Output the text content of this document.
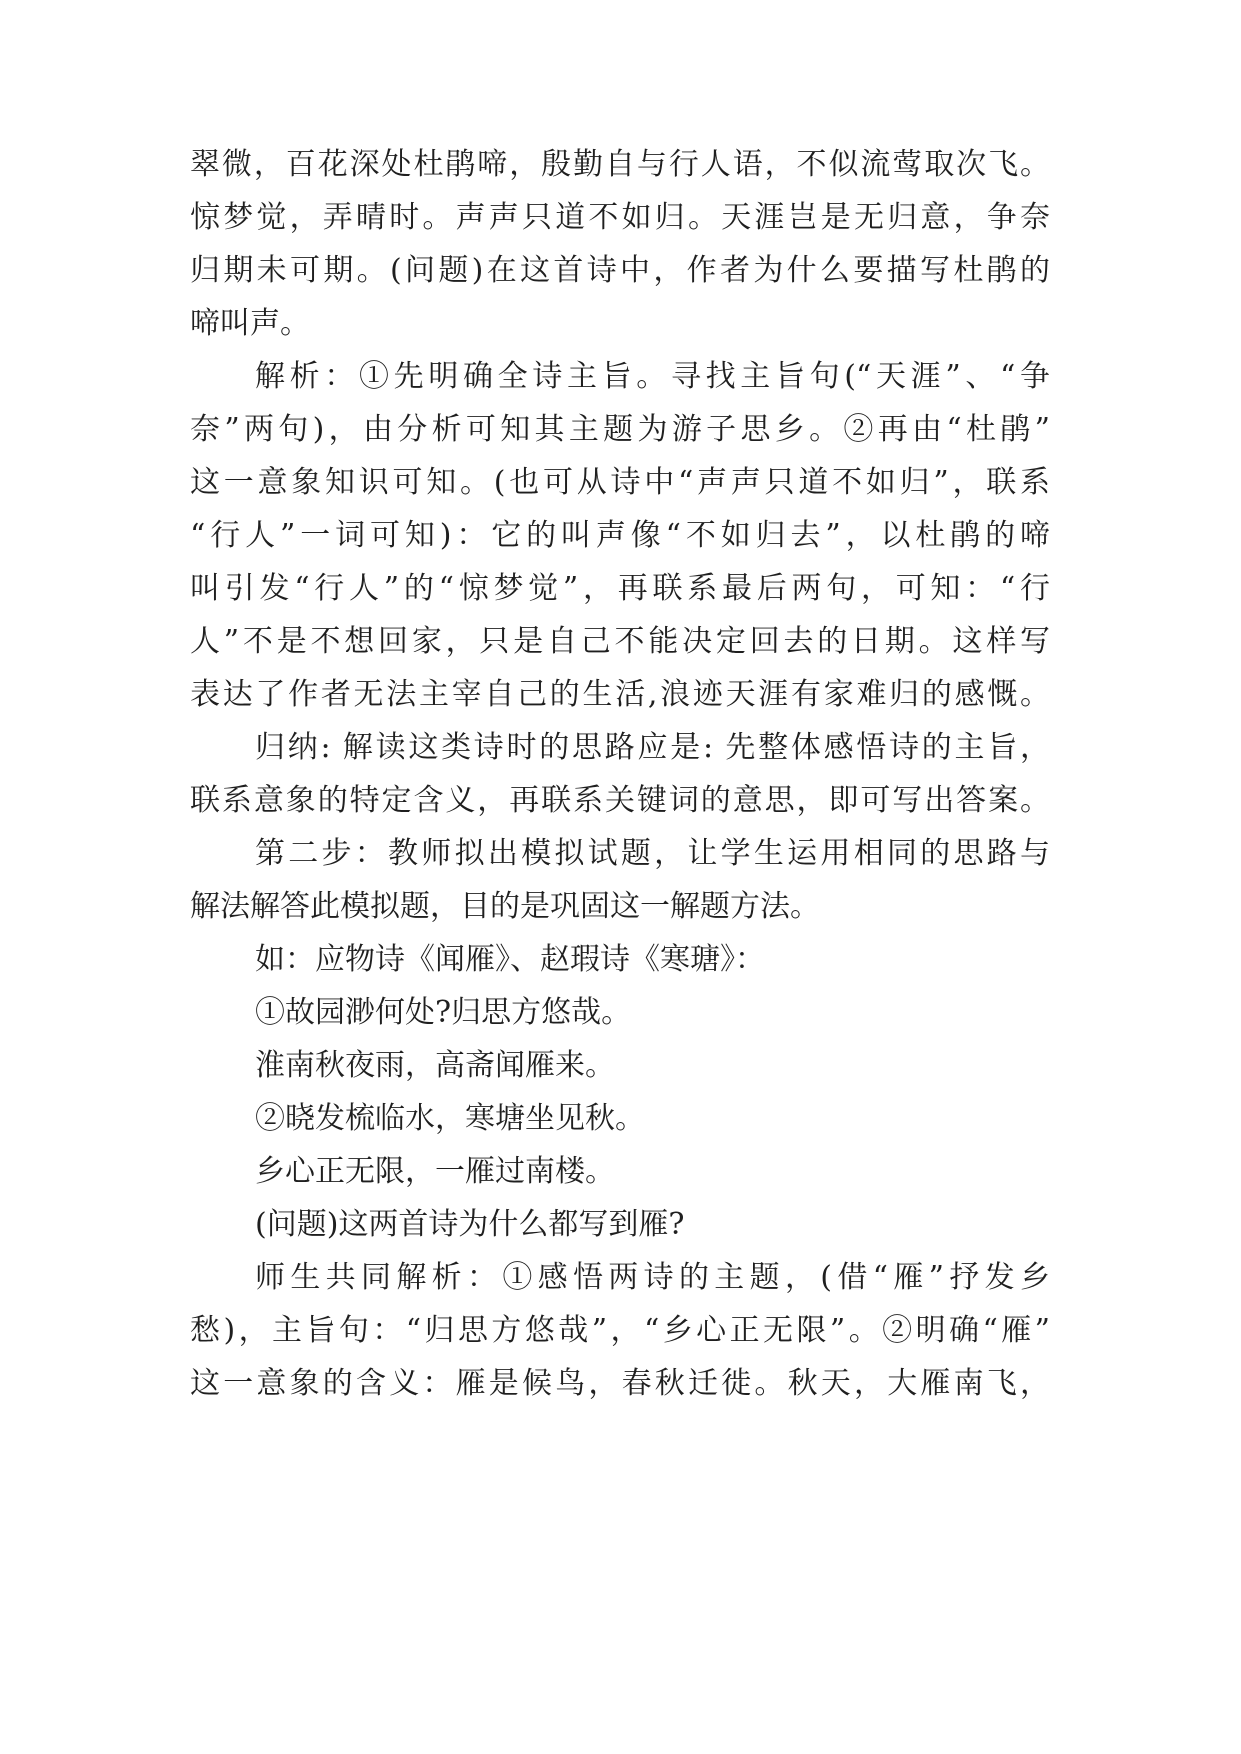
翠微，百花深处杜鹃啼，殷勤自与行人语，不似流莺取次飞。
惊梦觉，弄晴时。声声只道不如归。天涯岂是无归意，争奈
归期未可期。(问题)在这首诗中，作者为什么要描写杜鹃的
啼叫声。
解析：①先明确全诗主旨。寻找主旨句(“天涯”、“争
奈”两句)，由分析可知其主题为游子思乡。②再由“杜鹃”
这一意象知识可知。(也可从诗中“声声只道不如归”，联系
“行人”一词可知)：它的叫声像“不如归去”，以杜鹃的啼
叫引发“行人”的“惊梦觉”，再联系最后两句，可知：“行
人”不是不想回家，只是自己不能决定回去的日期。这样写
表达了作者无法主宰自己的生活,浪迹天涯有家难归的感慨。
归纳: 解读这类诗时的思路应是: 先整体感悟诗的主旨，
联系意象的特定含义，再联系关键词的意思，即可写出答案。
第二步：教师拟出模拟试题，让学生运用相同的思路与
解法解答此模拟题，目的是巩固这一解题方法。
如：应物诗《闻雁》、赵瑕诗《寒瑭》：
①故园渺何处?归思方悠哉。
淮南秋夜雨，高斋闻雁来。
②晓发梳临水，寒塘坐见秋。
乡心正无限，一雁过南楼。
(问题)这两首诗为什么都写到雁?
师生共同解析：①感悟两诗的主题，(借“雁”抒发乡
愁)，主旨句：“归思方悠哉”，“乡心正无限”。②明确“雁”
这一意象的含义：雁是候鸟，春秋迁徙。秋天，大雁南飞，
